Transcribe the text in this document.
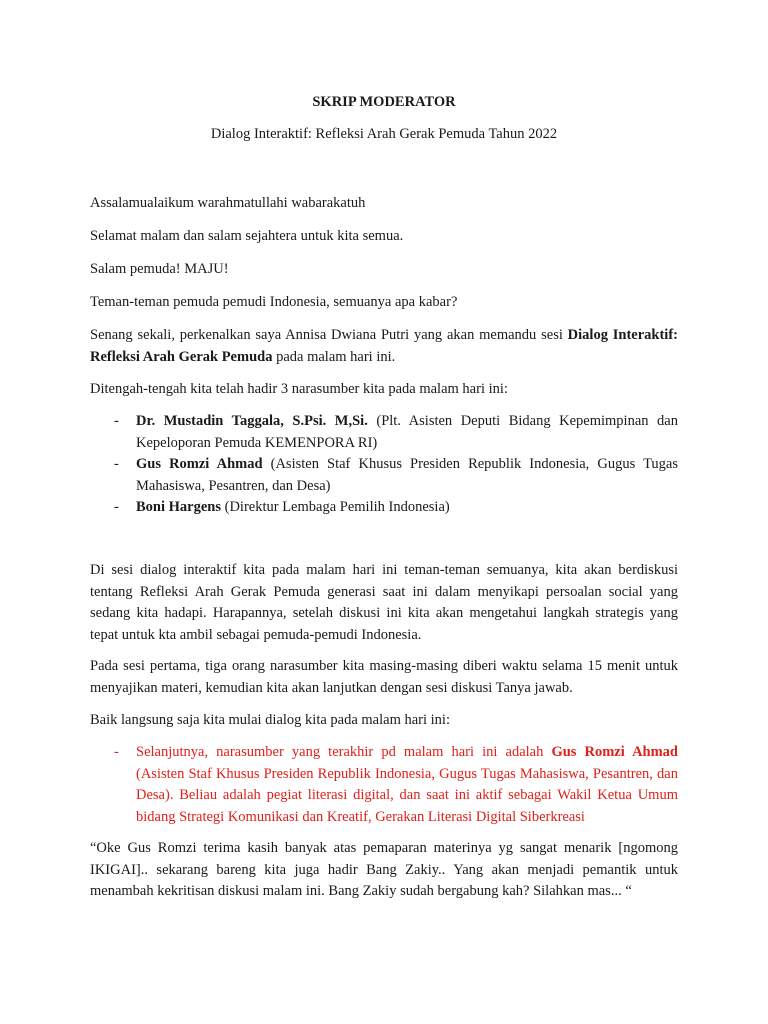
SKRIP MODERATOR

Dialog Interaktif: Refleksi Arah Gerak Pemuda Tahun 2022

Assalamualaikum warahmatullahi wabarakatuh

Selamat malam dan salam sejahtera untuk kita semua.

Salam pemuda! MAJU!

Teman-teman pemuda pemudi Indonesia, semuanya apa kabar?

Senang sekali, perkenalkan saya Annisa Dwiana Putri yang akan memandu sesi Dialog Interaktif: Refleksi Arah Gerak Pemuda pada malam hari ini.

Ditengah-tengah kita telah hadir 3 narasumber kita pada malam hari ini:

- Dr. Mustadin Taggala, S.Psi. M,Si. (Plt. Asisten Deputi Bidang Kepemimpinan dan Kepeloporan Pemuda KEMENPORA RI)
- Gus Romzi Ahmad (Asisten Staf Khusus Presiden Republik Indonesia, Gugus Tugas Mahasiswa, Pesantren, dan Desa)
- Boni Hargens (Direktur Lembaga Pemilih Indonesia)

Di sesi dialog interaktif kita pada malam hari ini teman-teman semuanya, kita akan berdiskusi tentang Refleksi Arah Gerak Pemuda generasi saat ini dalam menyikapi persoalan social yang sedang kita hadapi. Harapannya, setelah diskusi ini kita akan mengetahui langkah strategis yang tepat untuk kta ambil sebagai pemuda-pemudi Indonesia.

Pada sesi pertama, tiga orang narasumber kita masing-masing diberi waktu selama 15 menit untuk menyajikan materi, kemudian kita akan lanjutkan dengan sesi diskusi Tanya jawab.

Baik langsung saja kita mulai dialog kita pada malam hari ini:

- Selanjutnya, narasumber yang terakhir pd malam hari ini adalah Gus Romzi Ahmad (Asisten Staf Khusus Presiden Republik Indonesia, Gugus Tugas Mahasiswa, Pesantren, dan Desa). Beliau adalah pegiat literasi digital, dan saat ini aktif sebagai Wakil Ketua Umum bidang Strategi Komunikasi dan Kreatif, Gerakan Literasi Digital Siberkreasi

“Oke Gus Romzi terima kasih banyak atas pemaparan materinya yg sangat menarik [ngomong IKIGAI].. sekarang bareng kita juga hadir Bang Zakiy.. Yang akan menjadi pemantik untuk menambah kekritisan diskusi malam ini. Bang Zakiy sudah bergabung kah? Silahkan mas... “
